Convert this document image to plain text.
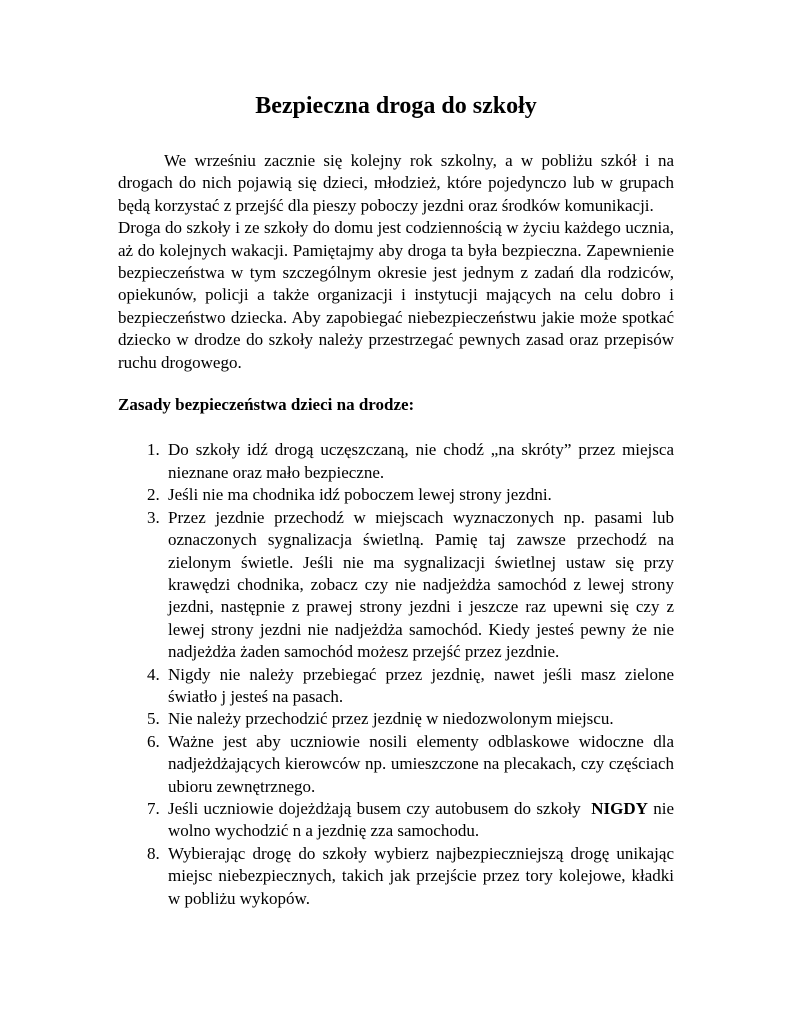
Bezpieczna droga do szkoły

We wrześniu zacznie się kolejny rok szkolny, a w pobliżu szkół i na drogach do nich pojawią się dzieci, młodzież, które pojedynczo lub w grupach będą korzystać z przejść dla pieszy poboczy jezdni oraz środków komunikacji.

Droga do szkoły i ze szkoły do domu jest codziennością w życiu każdego ucznia, aż do kolejnych wakacji. Pamiętajmy aby droga ta była bezpieczna. Zapewnienie bezpieczeństwa w tym szczególnym okresie jest jednym z zadań dla rodziców, opiekunów, policji a także organizacji i instytucji mających na celu dobro i bezpieczeństwo dziecka. Aby zapobiegać niebezpieczeństwu jakie może spotkać dziecko w drodze do szkoły należy przestrzegać pewnych zasad oraz przepisów ruchu drogowego.

Zasady bezpieczeństwa dzieci na drodze:

1. Do szkoły idź drogą uczęszczaną, nie chodź „na skróty” przez miejsca nieznane oraz mało bezpieczne.
2. Jeśli nie ma chodnika idź poboczem lewej strony jezdni.
3. Przez jezdnie przechodź w miejscach wyznaczonych np. pasami lub oznaczonych sygnalizacja świetlną. Pamię taj zawsze przechodź na zielonym świetle. Jeśli nie ma sygnalizacji świetlnej ustaw się przy krawędzi chodnika, zobacz czy nie nadjeżdża samochód z lewej strony jezdni, następnie z prawej strony jezdni i jeszcze raz upewni się czy z lewej strony jezdni nie nadjeżdża samochód. Kiedy jesteś pewny że nie nadjeżdża żaden samochód możesz przejść przez jezdnie.
4. Nigdy nie należy przebiegać przez jezdnię, nawet jeśli masz zielone światło j jesteś na pasach.
5. Nie należy przechodzić przez jezdnię w niedozwolonym miejscu.
6. Ważne jest aby uczniowie nosili elementy odblaskowe widoczne dla nadjeżdżających kierowców np. umieszczone na plecakach, czy częściach ubioru zewnętrznego.
7. Jeśli uczniowie dojeżdżają busem czy autobusem do szkoły NIGDY nie wolno wychodzić n a jezdnię zza samochodu.
8. Wybierając drogę do szkoły wybierz najbezpieczniejszą drogę unikając miejsc niebezpiecznych, takich jak przejście przez tory kolejowe, kładki w pobliżu wykopów.
